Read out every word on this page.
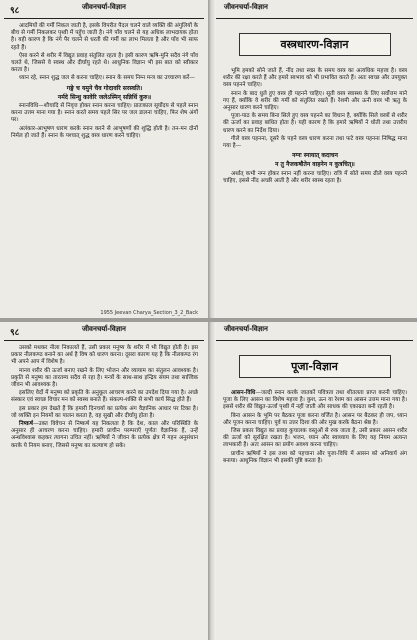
९८	जीवनचर्या-विज्ञान

आदमियों की गर्मी निकल जाती है, इसके विपरीत पैदल चलने वाले व्यक्ति की अंगुलियों के बीच से गर्मी निकलकर पृथ्वी में पहुँच जाती है। नंगे पाँव चलने से यह अधिक लाभदायक होता है। यही कारण है कि नंगे पैर चलने से धरती की गर्मी का लाभ मिलता है और पाँव भी साफ रहते हैं।

ऐसा करने से शरीर में विद्युत प्रवाह संतुलित रहता है। इसी कारण ऋषि-मुनि सदैव नंगे पाँव चलते थे, जिससे वे स्वस्थ और दीर्घायु रहते थे। आधुनिक विज्ञान भी इस बात को स्वीकार करता है।

ध्यान रहे, स्नान शुद्ध जल से करना चाहिए। स्नान के समय निम्न मन्त्र का उच्चारण करें—

गङ्गे च यमुने चैव गोदावरि सरस्वति।
नर्मदे सिन्धु कावेरि जलेऽस्मिन् सन्निधिं कुरु॥

स्नानविधि—शौचादि से निवृत्त होकर स्नान करना चाहिए। प्रातःकाल सूर्योदय से पहले स्नान करना उत्तम माना गया है। स्नान करते समय पहले सिर पर जल डालना चाहिए, फिर शेष अंगों पर।

अलंकार-आभूषण धारण करके स्नान करने से आभूषणों की शुद्धि होती है। तन-मन दोनों निर्मल हो जाते हैं। स्नान के पश्चात् शुद्ध वस्त्र धारण करने चाहिए।

1955 Jeevan Charya_Section_3_2_Back
जीवनचर्या-विज्ञान
वस्त्रधारण-विज्ञान

भूमि हमको सोने जाते हैं, नींद तथा स्वप्न के समय वस्त्र का अत्यधिक महत्त्व है। वस्त्र शरीर की रक्षा करते हैं और हमारे स्वभाव को भी प्रभावित करते हैं। अतः स्वच्छ और उपयुक्त वस्त्र पहनने चाहिए।

स्नान के बाद धुले हुए वस्त्र ही पहनने चाहिए। सूती वस्त्र स्वास्थ्य के लिए सर्वोत्तम माने गए हैं, क्योंकि वे शरीर की गर्मी को संतुलित रखते हैं। रेशमी और ऊनी वस्त्र भी ऋतु के अनुसार धारण करने चाहिए।

पूजा-पाठ के समय बिना सिले हुए वस्त्र पहनने का विधान है, क्योंकि सिले वस्त्रों से शरीर की ऊर्जा का प्रवाह बाधित होता है। यही कारण है कि हमारे ऋषियों ने धोती तथा उत्तरीय धारण करने का निर्देश दिया।

गीले वस्त्र पहनना, दूसरे के पहने वस्त्र धारण करना तथा फटे वस्त्र पहनना निषिद्ध माना गया है—

नग्नः स्नायात् कदाचन
न तु नैजकषौतेन वाहनेन न कुत्रचित्॥

अर्थात् कभी नग्न होकर स्नान नहीं करना चाहिए। रात्रि में सोते समय ढीले वस्त्र पहनने चाहिए, इससे नींद अच्छी आती है और शरीर स्वस्थ रहता है।

९८	जीवनचर्या-विज्ञान

उसको मथकर नीला निकालते हैं, उसी प्रकार मनुष्य के शरीर में भी विद्युत होती है। इस प्रकार नीलकण्ठ बनाने का अर्थ है विष को धारण करना। दूसरा कारण यह है कि नीलकण्ठ रंग भी अपने आप में विशेष है।

मानव शरीर की ऊर्जा बनाए रखने के लिए भोजन और व्यायाम का संतुलन आवश्यक है। प्रकृति से मनुष्य का तारतम्य सदैव से रहा है। मन्त्रों के साथ-साथ इन्द्रिय संयम तथा सात्त्विक जीवन भी आवश्यक है।

इसलिए वेदों में मनुष्य को प्रकृति के अनुकूल आचरण करने का उपदेश दिया गया है। अच्छे संस्कार एवं स्वच्छ विचार मन को स्वस्थ बनाते हैं। संकल्प-शक्ति से सभी कार्य सिद्ध होते हैं।

इस प्रकार हम देखते हैं कि हमारी दिनचर्या का प्रत्येक अंग वैज्ञानिक आधार पर टिका है। जो व्यक्ति इन नियमों का पालन करता है, वह सुखी और दीर्घायु होता है।

निष्कर्ष—उक्त विवेचन से निष्कर्ष यह निकलता है कि देश, काल और परिस्थिति के अनुसार ही आचरण करना चाहिए। हमारी प्राचीन परम्पराएँ पूर्णतः वैज्ञानिक हैं, उन्हें अन्धविश्वास कहकर त्यागना उचित नहीं। ऋषियों ने जीवन के प्रत्येक क्षेत्र में गहन अनुसंधान करके ये नियम बनाए, जिससे मनुष्य का कल्याण हो सके।

जीवनचर्या-विज्ञान
पूजा-विज्ञान

आसन-विधि—जल्दी स्नान करके जातकों पवित्रता तथा शीतलता प्राप्त करनी चाहिए। पूजा के लिए आसन का विशेष महत्त्व है। कुश, ऊन या रेशम का आसन उत्तम माना गया है। इससे शरीर की विद्युत-ऊर्जा पृथ्वी में नहीं जाती और साधक की एकाग्रता बनी रहती है।

बिना आसन के भूमि पर बैठकर पूजा करना वर्जित है। आसन पर बैठकर ही जप, ध्यान और पूजन करना चाहिए। पूर्व या उत्तर दिशा की ओर मुख करके बैठना श्रेष्ठ है।

जिस प्रकार विद्युत का प्रवाह कुचालक वस्तुओं से रुक जाता है, उसी प्रकार आसन शरीर की ऊर्जा को सुरक्षित रखता है। भजन, ध्यान और स्वाध्याय के लिए यह नियम अत्यन्त लाभकारी है। अतः आसन का प्रयोग अवश्य करना चाहिए।

प्राचीन ऋषियों ने इस तथ्य को पहचाना और पूजा-विधि में आसन को अनिवार्य अंग बनाया। आधुनिक विज्ञान भी इसकी पुष्टि करता है।
